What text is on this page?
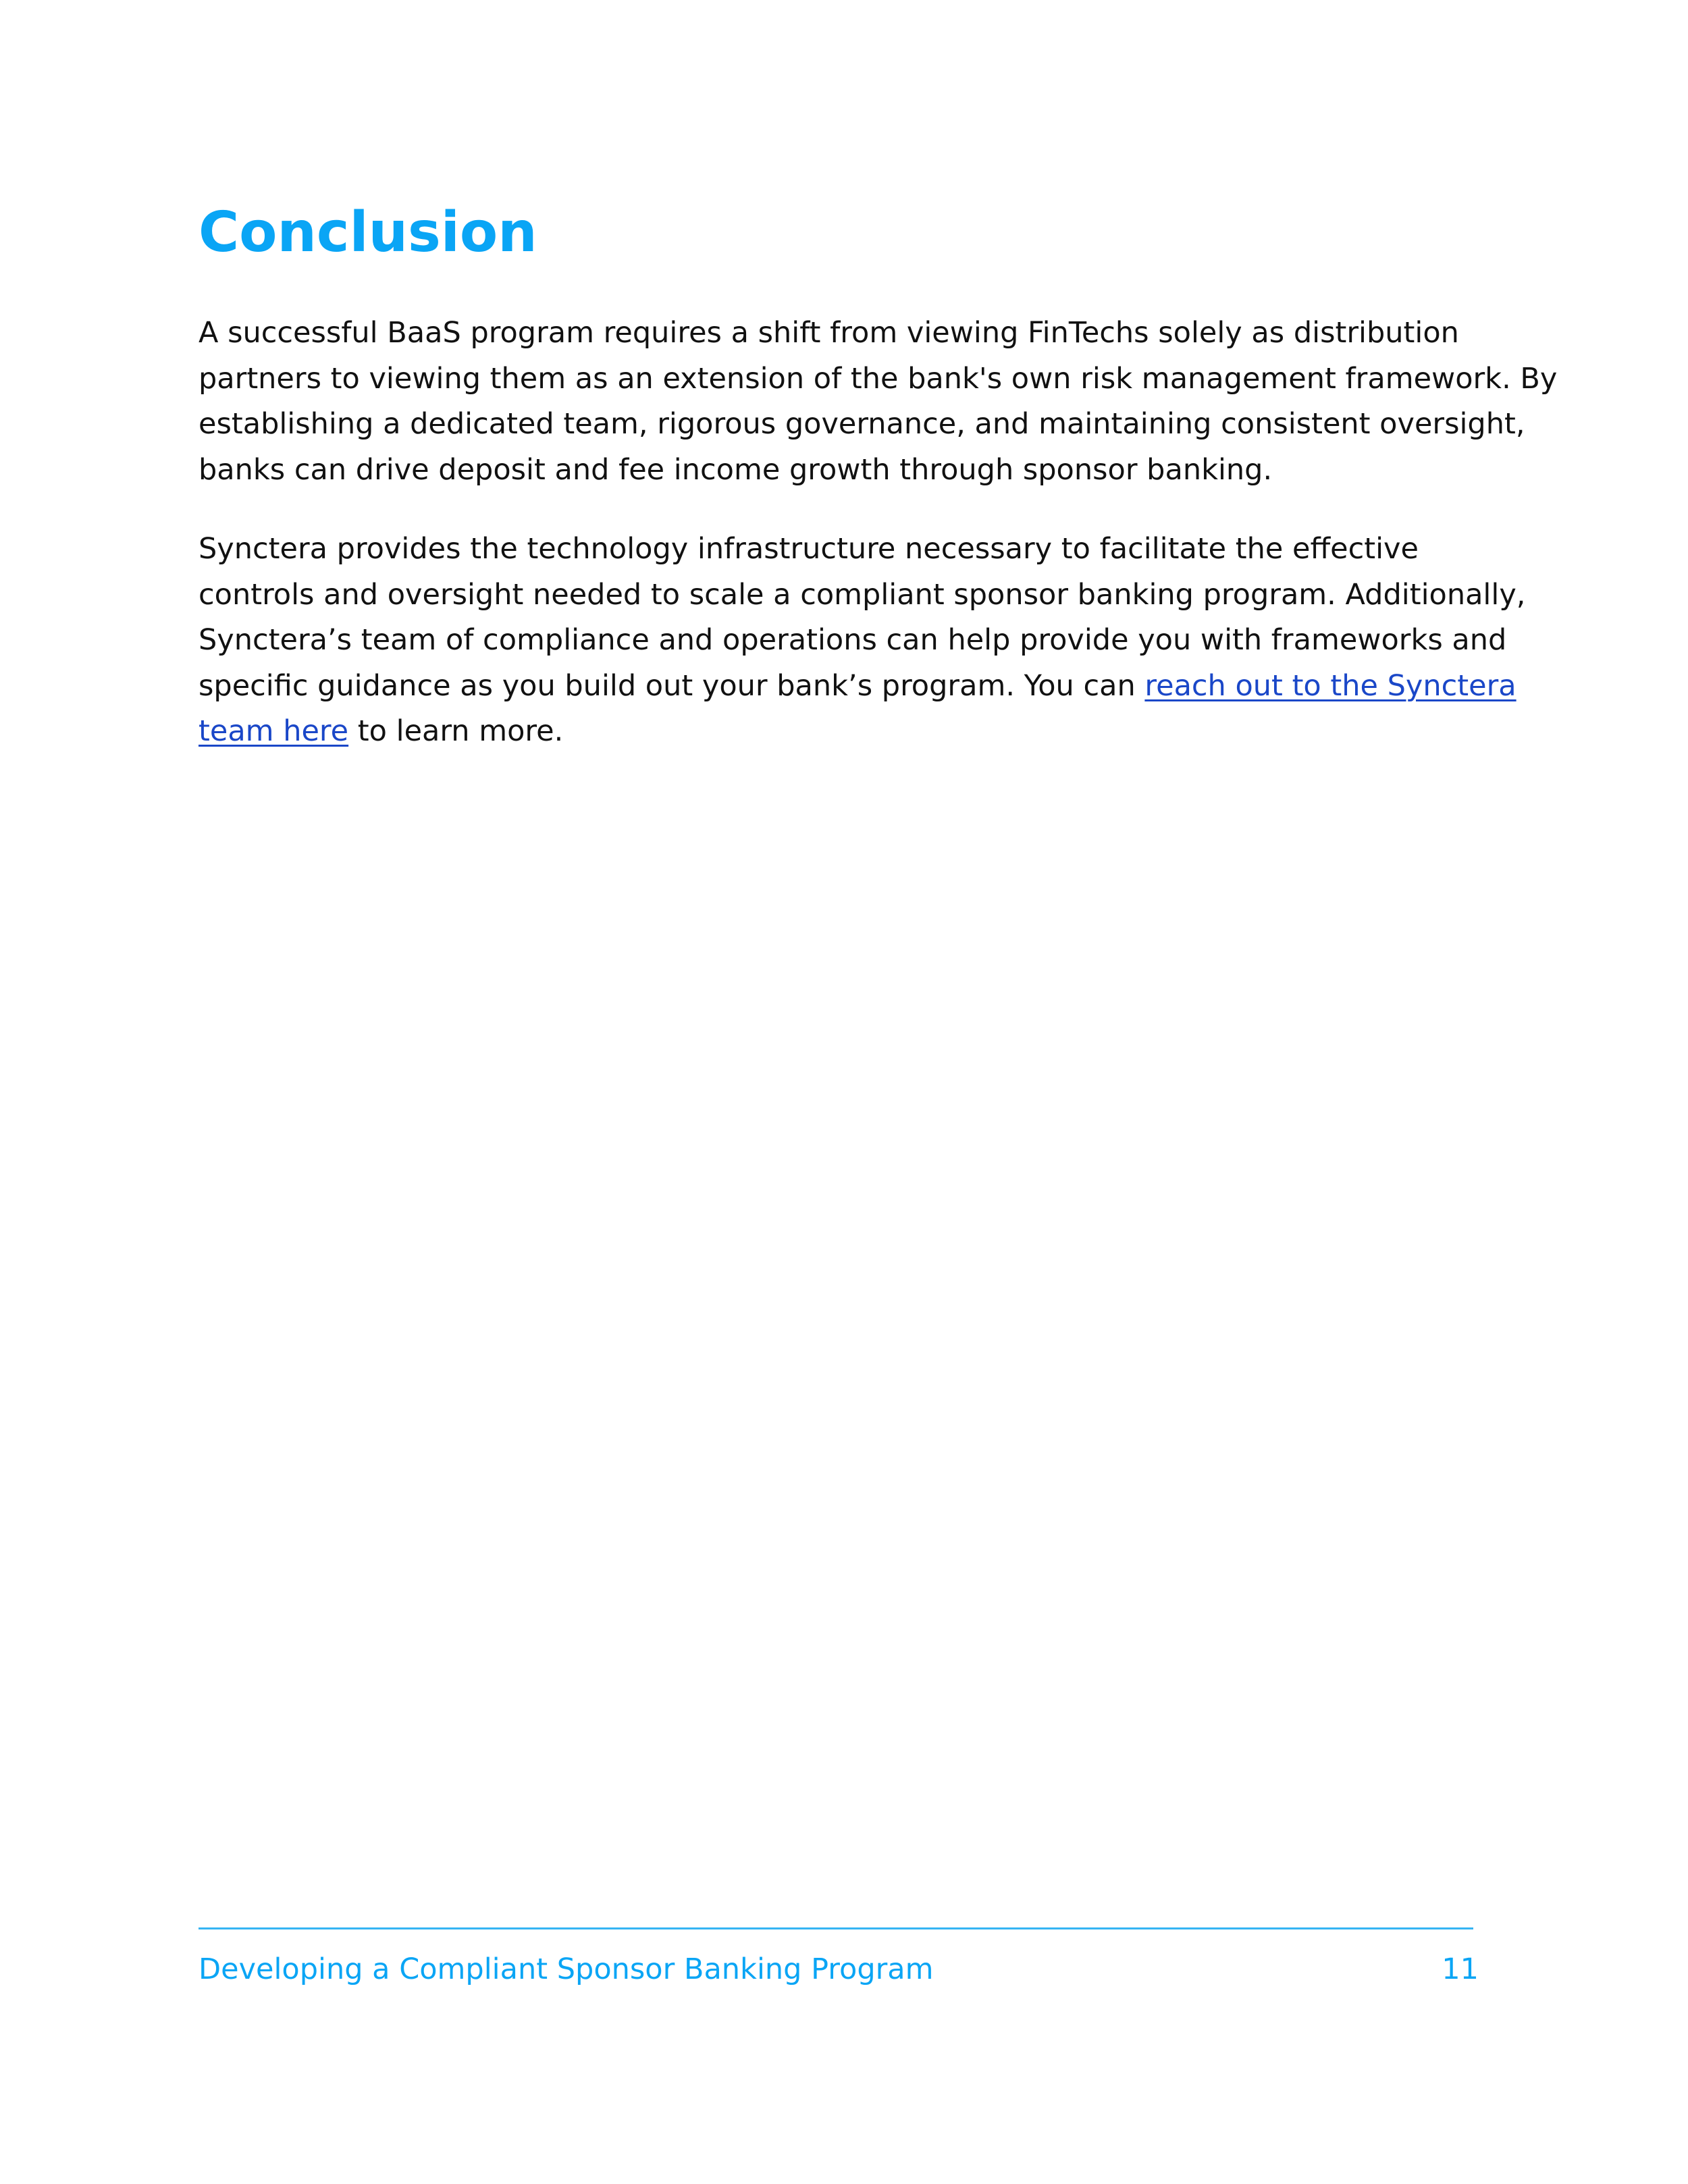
Conclusion

A successful BaaS program requires a shift from viewing FinTechs solely as distribution
partners to viewing them as an extension of the bank's own risk management framework. By
establishing a dedicated team, rigorous governance, and maintaining consistent oversight,
banks can drive deposit and fee income growth through sponsor banking.

Synctera provides the technology infrastructure necessary to facilitate the effective
controls and oversight needed to scale a compliant sponsor banking program. Additionally,
Synctera’s team of compliance and operations can help provide you with frameworks and
specific guidance as you build out your bank’s program. You can reach out to the Synctera
team here to learn more.

Developing a Compliant Sponsor Banking Program	11
